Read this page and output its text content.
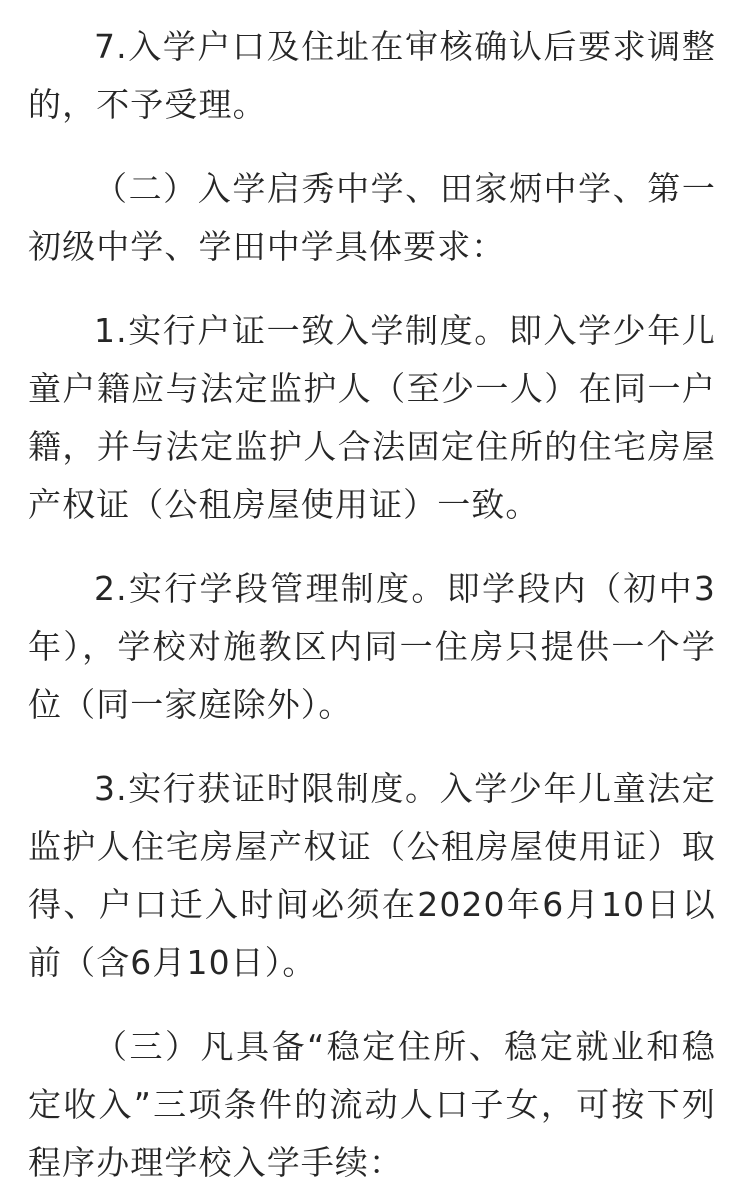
7.入学户口及住址在审核确认后要求调整的，不予受理。

（二）入学启秀中学、田家炳中学、第一初级中学、学田中学具体要求：

1.实行户证一致入学制度。即入学少年儿童户籍应与法定监护人（至少一人）在同一户籍，并与法定监护人合法固定住所的住宅房屋产权证（公租房屋使用证）一致。

2.实行学段管理制度。即学段内（初中3年），学校对施教区内同一住房只提供一个学位（同一家庭除外）。

3.实行获证时限制度。入学少年儿童法定监护人住宅房屋产权证（公租房屋使用证）取得、户口迁入时间必须在2020年6月10日以前（含6月10日）。

（三）凡具备“稳定住所、稳定就业和稳定收入”三项条件的流动人口子女，可按下列程序办理学校入学手续：
